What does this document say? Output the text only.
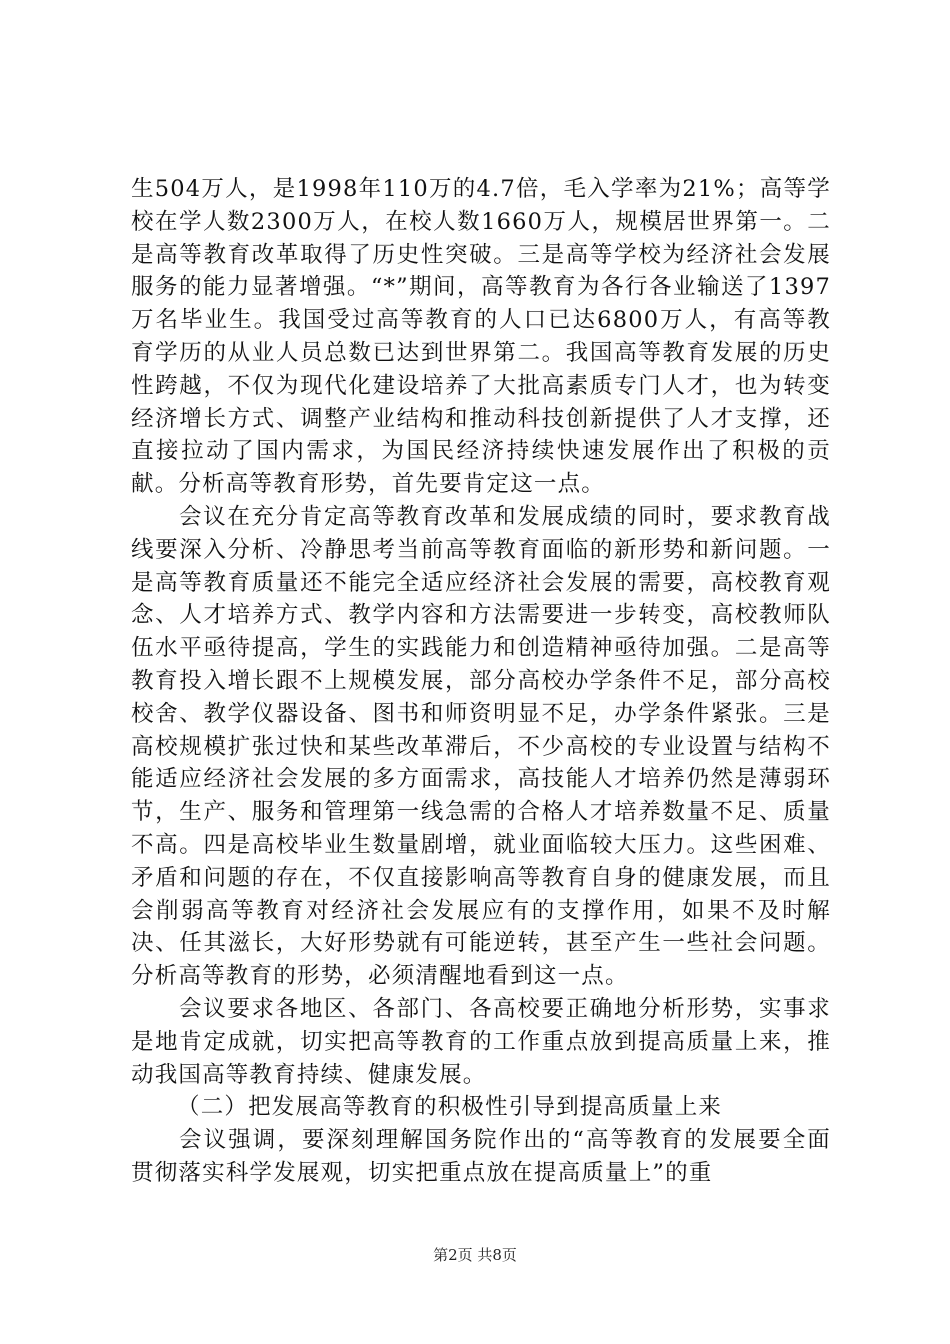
生504万人，是1998年110万的4.7倍，毛入学率为21%；高等学校在学人数2300万人，在校人数1660万人，规模居世界第一。二是高等教育改革取得了历史性突破。三是高等学校为经济社会发展服务的能力显著增强。“*”期间，高等教育为各行各业输送了1397万名毕业生。我国受过高等教育的人口已达6800万人，有高等教育学历的从业人员总数已达到世界第二。我国高等教育发展的历史性跨越，不仅为现代化建设培养了大批高素质专门人才，也为转变经济增长方式、调整产业结构和推动科技创新提供了人才支撑，还直接拉动了国内需求，为国民经济持续快速发展作出了积极的贡献。分析高等教育形势，首先要肯定这一点。

会议在充分肯定高等教育改革和发展成绩的同时，要求教育战线要深入分析、冷静思考当前高等教育面临的新形势和新问题。一是高等教育质量还不能完全适应经济社会发展的需要，高校教育观念、人才培养方式、教学内容和方法需要进一步转变，高校教师队伍水平亟待提高，学生的实践能力和创造精神亟待加强。二是高等教育投入增长跟不上规模发展，部分高校办学条件不足，部分高校校舍、教学仪器设备、图书和师资明显不足，办学条件紧张。三是高校规模扩张过快和某些改革滞后，不少高校的专业设置与结构不能适应经济社会发展的多方面需求，高技能人才培养仍然是薄弱环节，生产、服务和管理第一线急需的合格人才培养数量不足、质量不高。四是高校毕业生数量剧增，就业面临较大压力。这些困难、矛盾和问题的存在，不仅直接影响高等教育自身的健康发展，而且会削弱高等教育对经济社会发展应有的支撑作用，如果不及时解决、任其滋长，大好形势就有可能逆转，甚至产生一些社会问题。分析高等教育的形势，必须清醒地看到这一点。

会议要求各地区、各部门、各高校要正确地分析形势，实事求是地肯定成就，切实把高等教育的工作重点放到提高质量上来，推动我国高等教育持续、健康发展。

（二）把发展高等教育的积极性引导到提高质量上来

会议强调，要深刻理解国务院作出的“高等教育的发展要全面贯彻落实科学发展观，切实把重点放在提高质量上”的重

第2页 共8页
